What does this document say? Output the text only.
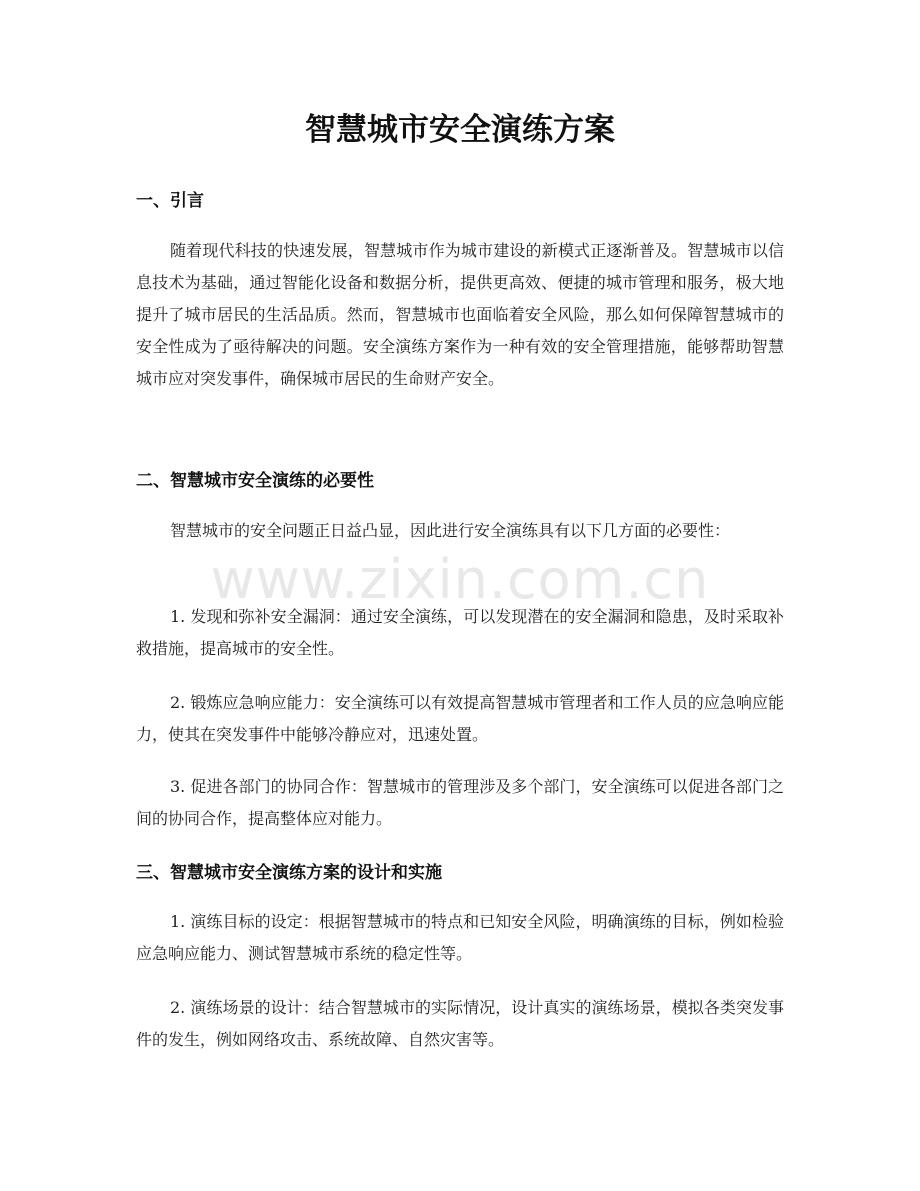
智慧城市安全演练方案
一、引言

随着现代科技的快速发展，智慧城市作为城市建设的新模式正逐渐普及。智慧城市以信息技术为基础，通过智能化设备和数据分析，提供更高效、便捷的城市管理和服务，极大地提升了城市居民的生活品质。然而，智慧城市也面临着安全风险，那么如何保障智慧城市的安全性成为了亟待解决的问题。安全演练方案作为一种有效的安全管理措施，能够帮助智慧城市应对突发事件，确保城市居民的生命财产安全。

二、智慧城市安全演练的必要性

智慧城市的安全问题正日益凸显，因此进行安全演练具有以下几方面的必要性：

1. 发现和弥补安全漏洞：通过安全演练，可以发现潜在的安全漏洞和隐患，及时采取补救措施，提高城市的安全性。

2. 锻炼应急响应能力：安全演练可以有效提高智慧城市管理者和工作人员的应急响应能力，使其在突发事件中能够冷静应对，迅速处置。

3. 促进各部门的协同合作：智慧城市的管理涉及多个部门，安全演练可以促进各部门之间的协同合作，提高整体应对能力。

三、智慧城市安全演练方案的设计和实施

1. 演练目标的设定：根据智慧城市的特点和已知安全风险，明确演练的目标，例如检验应急响应能力、测试智慧城市系统的稳定性等。

2. 演练场景的设计：结合智慧城市的实际情况，设计真实的演练场景，模拟各类突发事件的发生，例如网络攻击、系统故障、自然灾害等。

www.zixin.com.cn
